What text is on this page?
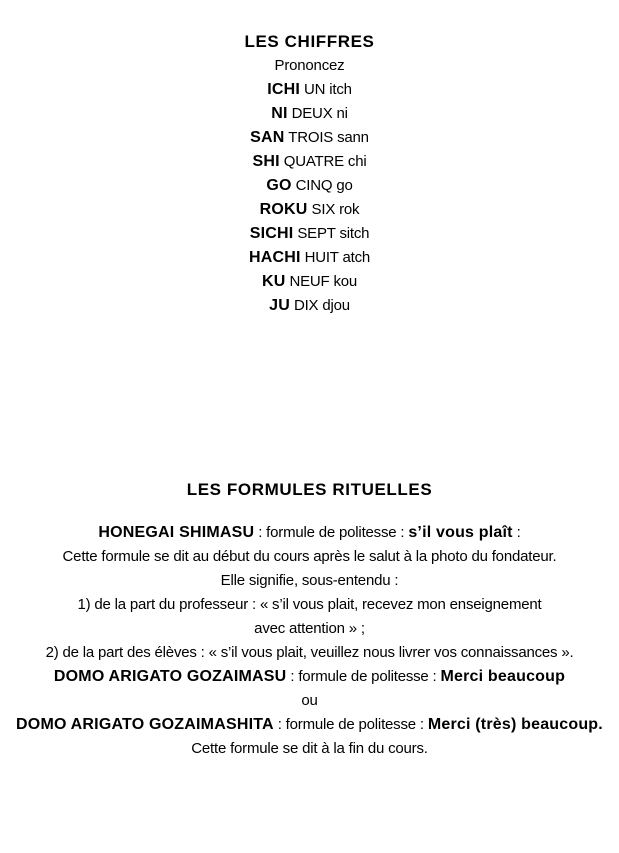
LES CHIFFRES
Prononcez
ICHI UN itch
NI DEUX ni
SAN TROIS sann
SHI QUATRE chi
GO CINQ go
ROKU SIX rok
SICHI SEPT sitch
HACHI HUIT atch
KU NEUF kou
JU DIX djou
LES FORMULES RITUELLES
HONEGAI SHIMASU : formule de politesse : s’il vous plaît :
Cette formule se dit au début du cours après le salut à la photo du fondateur.
Elle signifie, sous-entendu :
1) de la part du professeur : « s’il vous plait, recevez mon enseignement
avec attention » ;
2) de la part des élèves : « s’il vous plait, veuillez nous livrer vos connaissances ».
DOMO ARIGATO GOZAIMASU : formule de politesse : Merci beaucoup
ou
DOMO ARIGATO GOZAIMASHITA : formule de politesse : Merci (très) beaucoup.
Cette formule se dit à la fin du cours.
